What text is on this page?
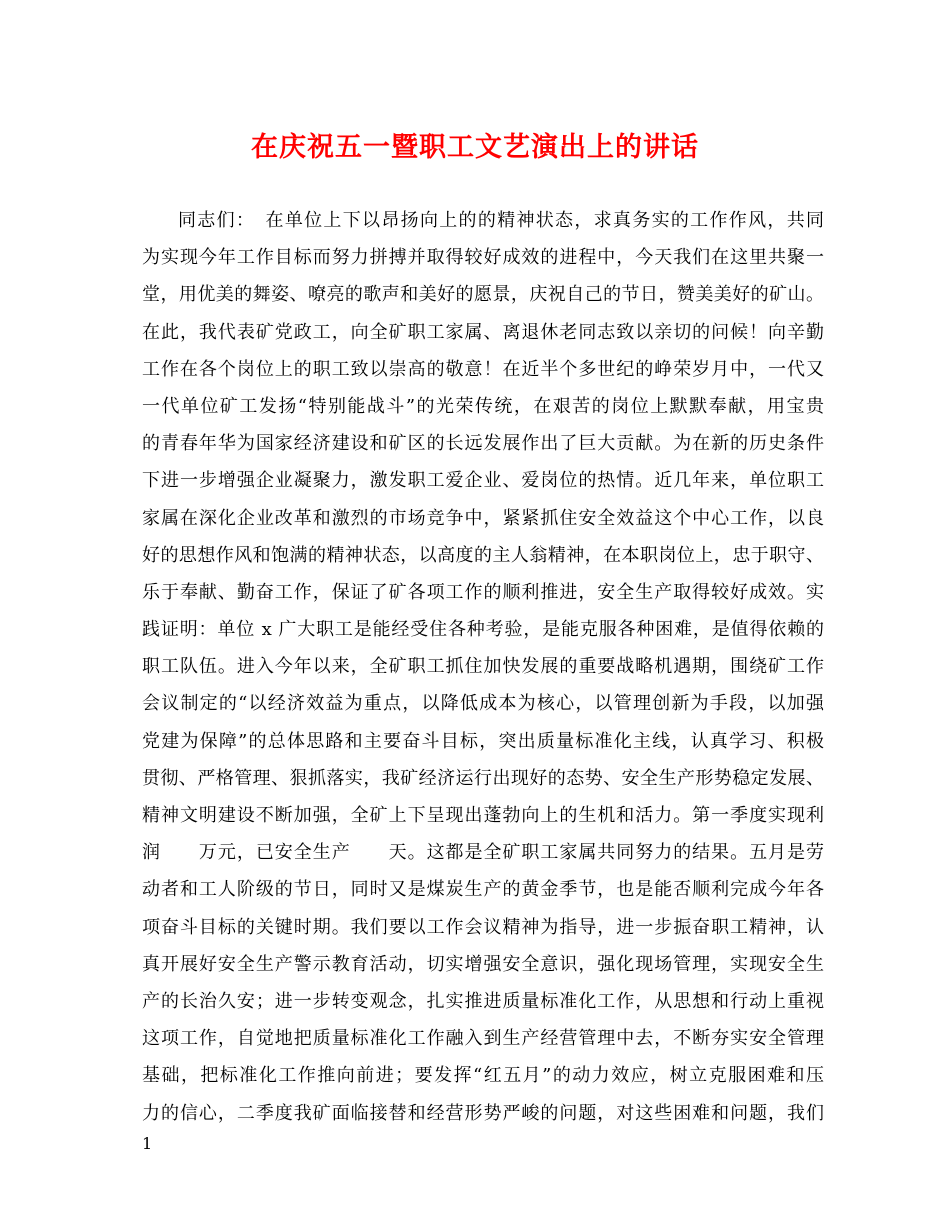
在庆祝五一暨职工文艺演出上的讲话
同志们：　在单位上下以昂扬向上的的精神状态，求真务实的工作作风，共同
为实现今年工作目标而努力拼搏并取得较好成效的进程中，今天我们在这里共聚一
堂，用优美的舞姿、嘹亮的歌声和美好的愿景，庆祝自己的节日，赞美美好的矿山。
在此，我代表矿党政工，向全矿职工家属、离退休老同志致以亲切的问候！向辛勤
工作在各个岗位上的职工致以崇高的敬意！在近半个多世纪的峥荣岁月中，一代又
一代单位矿工发扬“特别能战斗”的光荣传统，在艰苦的岗位上默默奉献，用宝贵
的青春年华为国家经济建设和矿区的长远发展作出了巨大贡献。为在新的历史条件
下进一步增强企业凝聚力，激发职工爱企业、爱岗位的热情。近几年来，单位职工
家属在深化企业改革和激烈的市场竞争中，紧紧抓住安全效益这个中心工作，以良
好的思想作风和饱满的精神状态，以高度的主人翁精神，在本职岗位上，忠于职守、
乐于奉献、勤奋工作，保证了矿各项工作的顺利推进，安全生产取得较好成效。实
践证明：单位 x 广大职工是能经受住各种考验，是能克服各种困难，是值得依赖的
职工队伍。进入今年以来，全矿职工抓住加快发展的重要战略机遇期，围绕矿工作
会议制定的“以经济效益为重点，以降低成本为核心，以管理创新为手段，以加强
党建为保障”的总体思路和主要奋斗目标，突出质量标准化主线，认真学习、积极
贯彻、严格管理、狠抓落实，我矿经济运行出现好的态势、安全生产形势稳定发展、
精神文明建设不断加强，全矿上下呈现出蓬勃向上的生机和活力。第一季度实现利
润　　万元，已安全生产　　天。这都是全矿职工家属共同努力的结果。五月是劳
动者和工人阶级的节日，同时又是煤炭生产的黄金季节，也是能否顺利完成今年各
项奋斗目标的关键时期。我们要以工作会议精神为指导，进一步振奋职工精神，认
真开展好安全生产警示教育活动，切实增强安全意识，强化现场管理，实现安全生
产的长治久安；进一步转变观念，扎实推进质量标准化工作，从思想和行动上重视
这项工作，自觉地把质量标准化工作融入到生产经营管理中去，不断夯实安全管理
基础，把标准化工作推向前进；要发挥“红五月”的动力效应，树立克服困难和压
力的信心，二季度我矿面临接替和经营形势严峻的问题，对这些困难和问题，我们
1
